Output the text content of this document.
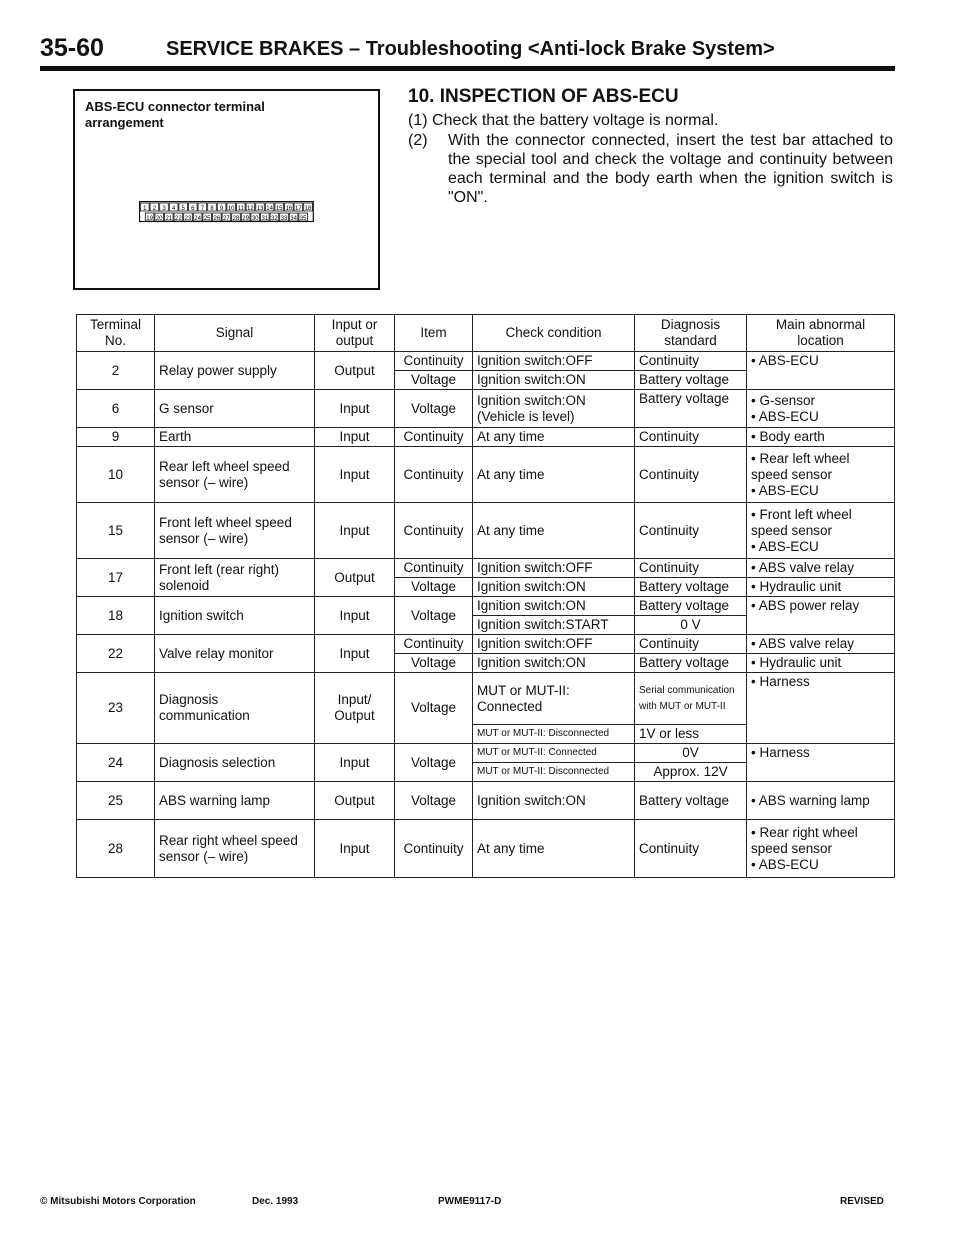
35-60	SERVICE BRAKES – Troubleshooting <Anti-lock Brake System>
ABS-ECU connector terminal arrangement
1 2 3 4 5 6 7 8 9 10 11 12 13 14 15 16 17 18
19 20 21 22 23 24 25 26 27 28 29 30 31 32 33 34 35
10. INSPECTION OF ABS-ECU
(1) Check that the battery voltage is normal.
(2) With the connector connected, insert the test bar attached to the special tool and check the voltage and continuity between each terminal and the body earth when the ignition switch is "ON".
Terminal No.	Signal	Input or output	Item	Check condition	Diagnosis standard	Main abnormal location
2	Relay power supply	Output	Continuity	Ignition switch:OFF	Continuity	• ABS-ECU
			Voltage	Ignition switch:ON	Battery voltage	
6	G sensor	Input	Voltage	Ignition switch:ON (Vehicle is level)	Battery voltage	• G-sensor
• ABS-ECU

9	Earth	Input	Continuity	At any time	Continuity	• Body earth
10	Rear left wheel speed sensor (– wire)	Input	Continuity	At any time	Continuity	• Rear left wheel speed sensor
• ABS-ECU

15	Front left wheel speed sensor (– wire)	Input	Continuity	At any time	Continuity	• Front left wheel speed sensor
• ABS-ECU

17	Front left (rear right) solenoid	Output	Continuity	Ignition switch:OFF	Continuity	• ABS valve relay
			Voltage	Ignition switch:ON	Battery voltage	• Hydraulic unit
18	Ignition switch	Input	Voltage	Ignition switch:ON	Battery voltage	• ABS power relay
				Ignition switch:START	0 V	
22	Valve relay monitor	Input	Continuity	Ignition switch:OFF	Continuity	• ABS valve relay
			Voltage	Ignition switch:ON	Battery voltage	• Hydraulic unit
23	Diagnosis communication	Input/ Output	Voltage	MUT or MUT-II: Connected	Serial communication with MUT or MUT-II	• Harness
				MUT or MUT-II: Disconnected	1V or less	
24	Diagnosis selection	Input	Voltage	MUT or MUT-II: Connected	0V	• Harness
				MUT or MUT-II: Disconnected	Approx. 12V	
25	ABS warning lamp	Output	Voltage	Ignition switch:ON	Battery voltage	• ABS warning lamp
28	Rear right wheel speed sensor (– wire)	Input	Continuity	At any time	Continuity	• Rear right wheel speed sensor
• ABS-ECU
© Mitsubishi Motors Corporation	Dec. 1993	PWME9117-D	REVISED
